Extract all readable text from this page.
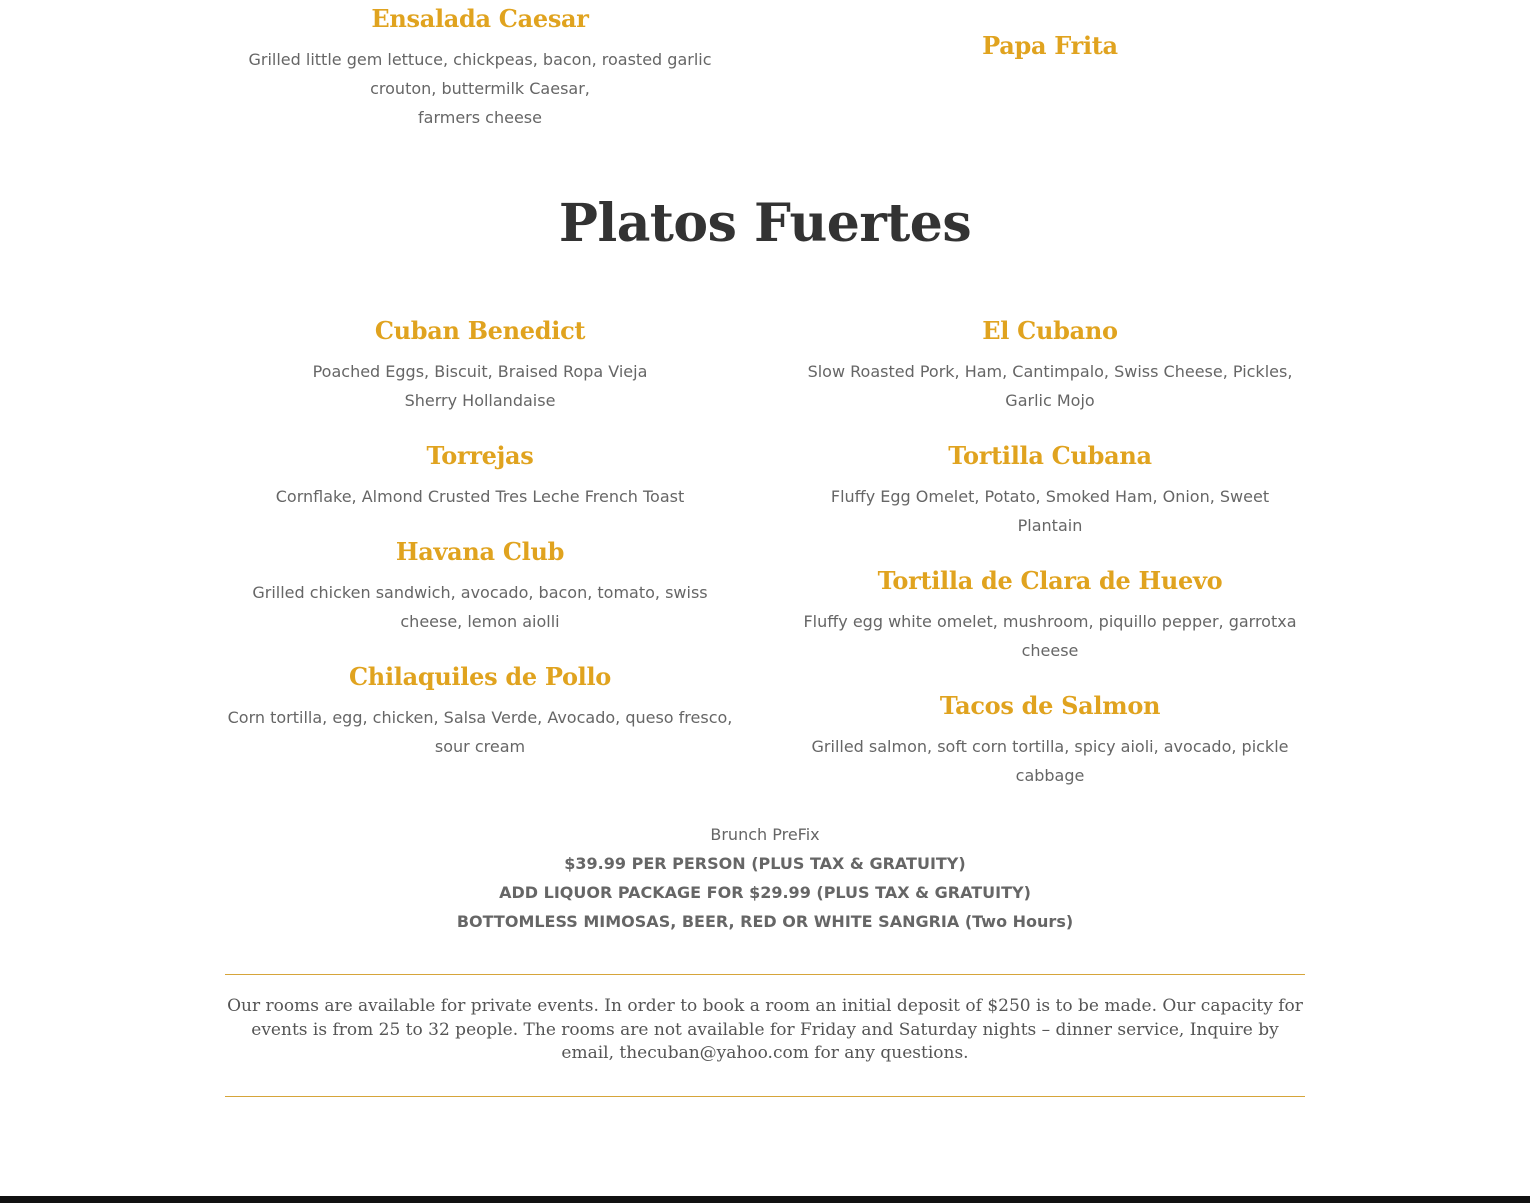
Ensalada Caesar

Grilled little gem lettuce, chickpeas, bacon, roasted garlic
crouton, buttermilk Caesar,
farmers cheese

Papa Frita
Platos Fuertes
Cuban Benedict

Poached Eggs, Biscuit, Braised Ropa Vieja Sherry Hollandaise

Torrejas

Cornflake, Almond Crusted Tres Leche French Toast

Havana Club

Grilled chicken sandwich, avocado, bacon, tomato, swiss cheese, lemon aiolli

Chilaquiles de Pollo

Corn tortilla, egg, chicken, Salsa Verde, Avocado, queso fresco, sour cream

El Cubano

Slow Roasted Pork, Ham, Cantimpalo, Swiss Cheese, Pickles, Garlic Mojo

Tortilla Cubana

Fluffy Egg Omelet, Potato, Smoked Ham, Onion, Sweet Plantain

Tortilla de Clara de Huevo

Fluffy egg white omelet, mushroom, piquillo pepper, garrotxa cheese

Tacos de Salmon

Grilled salmon, soft corn tortilla, spicy aioli, avocado, pickle cabbage

Brunch PreFix
$39.99 PER PERSON (PLUS TAX & GRATUITY)
ADD LIQUOR PACKAGE FOR $29.99 (PLUS TAX & GRATUITY)
BOTTOMLESS MIMOSAS, BEER, RED OR WHITE SANGRIA (Two Hours)
Our rooms are available for private events. In order to book a room an initial deposit of $250 is to be made. Our capacity for events is from 25 to 32 people. The rooms are not available for Friday and Saturday nights – dinner service, Inquire by email, thecuban@yahoo.com for any questions.
